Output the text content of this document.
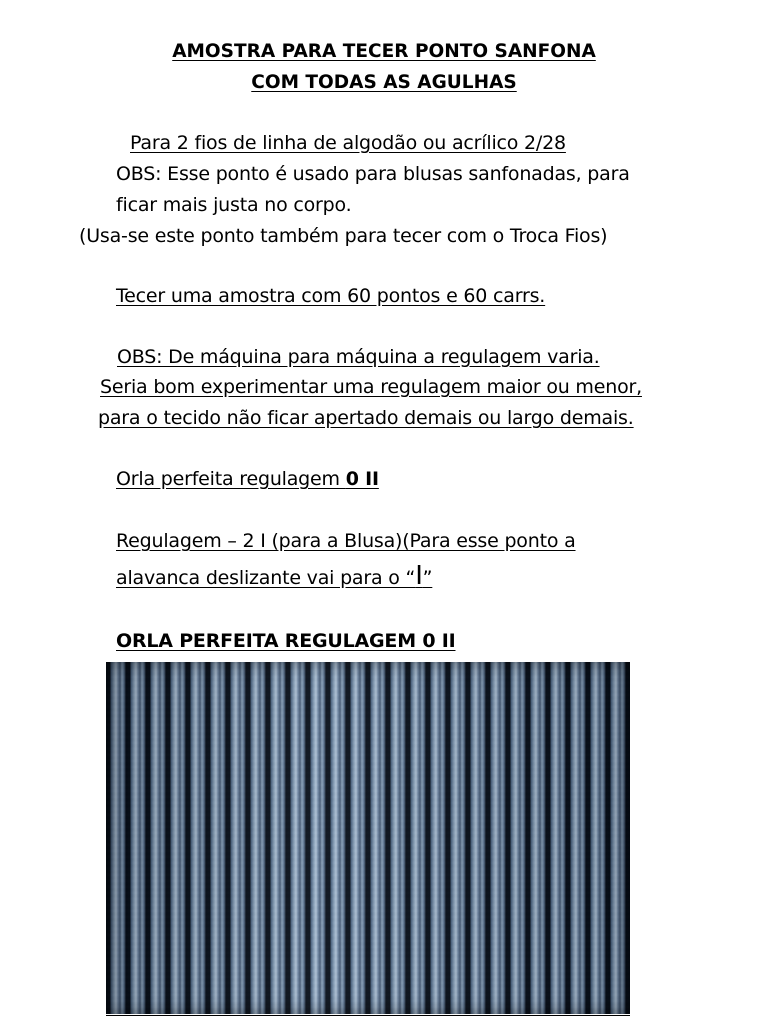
AMOSTRA PARA TECER PONTO SANFONA
COM TODAS AS AGULHAS
Para 2 fios de linha de algodão ou acrílico 2/28
OBS: Esse ponto é usado para blusas sanfonadas, para
ficar mais justa no corpo.
(Usa-se este ponto também para tecer com o Troca Fios)
Tecer uma amostra com 60 pontos e 60 carrs.
OBS: De máquina para máquina a regulagem varia.
Seria bom experimentar uma regulagem maior ou menor,
para o tecido não ficar apertado demais ou largo demais.
Orla perfeita regulagem 0 II
Regulagem – 2 I (para a Blusa)(Para esse ponto a
alavanca deslizante vai para o “I”
ORLA PERFEITA REGULAGEM 0 II
